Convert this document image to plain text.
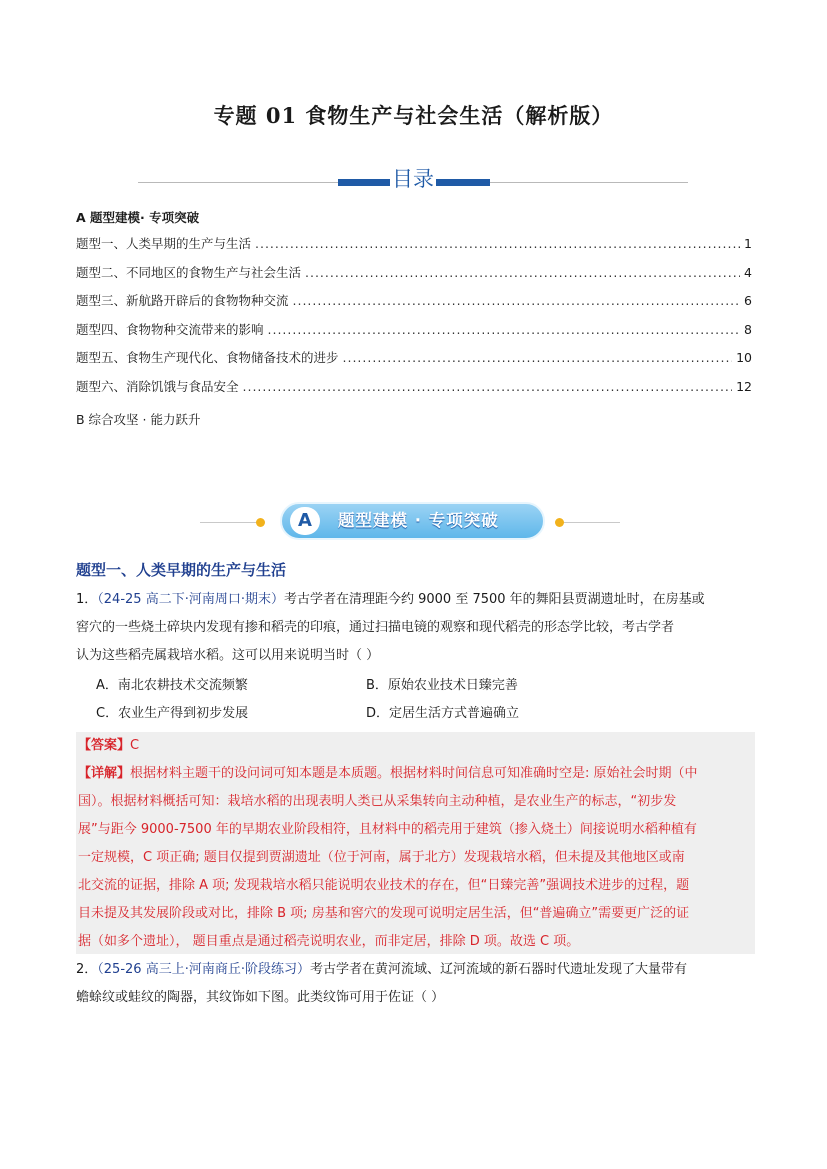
专题 01 食物生产与社会生活（解析版）
目录
A 题型建模· 专项突破
题型一、人类早期的生产与生活 .....	1
题型二、不同地区的食物生产与社会生活 .....	4
题型三、新航路开辟后的食物物种交流 .....	6
题型四、食物物种交流带来的影响 .....	8
题型五、食物生产现代化、食物储备技术的进步 .....	10
题型六、消除饥饿与食品安全 .....	12
B 综合攻坚 · 能力跃升
A	题型建模 · 专项突破
题型一、人类早期的生产与生活
1．（24-25 高二下·河南周口·期末）考古学者在清理距今约 9000 至 7500 年的舞阳县贾湖遗址时，在房基或
窖穴的一些烧土碎块内发现有掺和稻壳的印痕，通过扫描电镜的观察和现代稻壳的形态学比较，考古学者
认为这些稻壳属栽培水稻。这可以用来说明当时（ ）
A．南北农耕技术交流频繁	B．原始农业技术日臻完善
C．农业生产得到初步发展	D．定居生活方式普遍确立
【答案】C
【详解】根据材料主题干的设问词可知本题是本质题。根据材料时间信息可知准确时空是: 原始社会时期（中
国）。根据材料概括可知：栽培水稻的出现表明人类已从采集转向主动种植，是农业生产的标志，“初步发
展”与距今 9000-7500 年的早期农业阶段相符，且材料中的稻壳用于建筑（掺入烧土）间接说明水稻种植有
一定规模，C 项正确; 题目仅提到贾湖遗址（位于河南，属于北方）发现栽培水稻，但未提及其他地区或南
北交流的证据，排除 A 项; 发现栽培水稻只能说明农业技术的存在，但“日臻完善”强调技术进步的过程，题
目未提及其发展阶段或对比，排除 B 项; 房基和窖穴的发现可说明定居生活，但“普遍确立”需要更广泛的证
据（如多个遗址）， 题目重点是通过稻壳说明农业，而非定居，排除 D 项。故选 C 项。
2．（25-26 高三上·河南商丘·阶段练习）考古学者在黄河流域、辽河流域的新石器时代遗址发现了大量带有
蟾蜍纹或蛙纹的陶器，其纹饰如下图。此类纹饰可用于佐证（ ）
